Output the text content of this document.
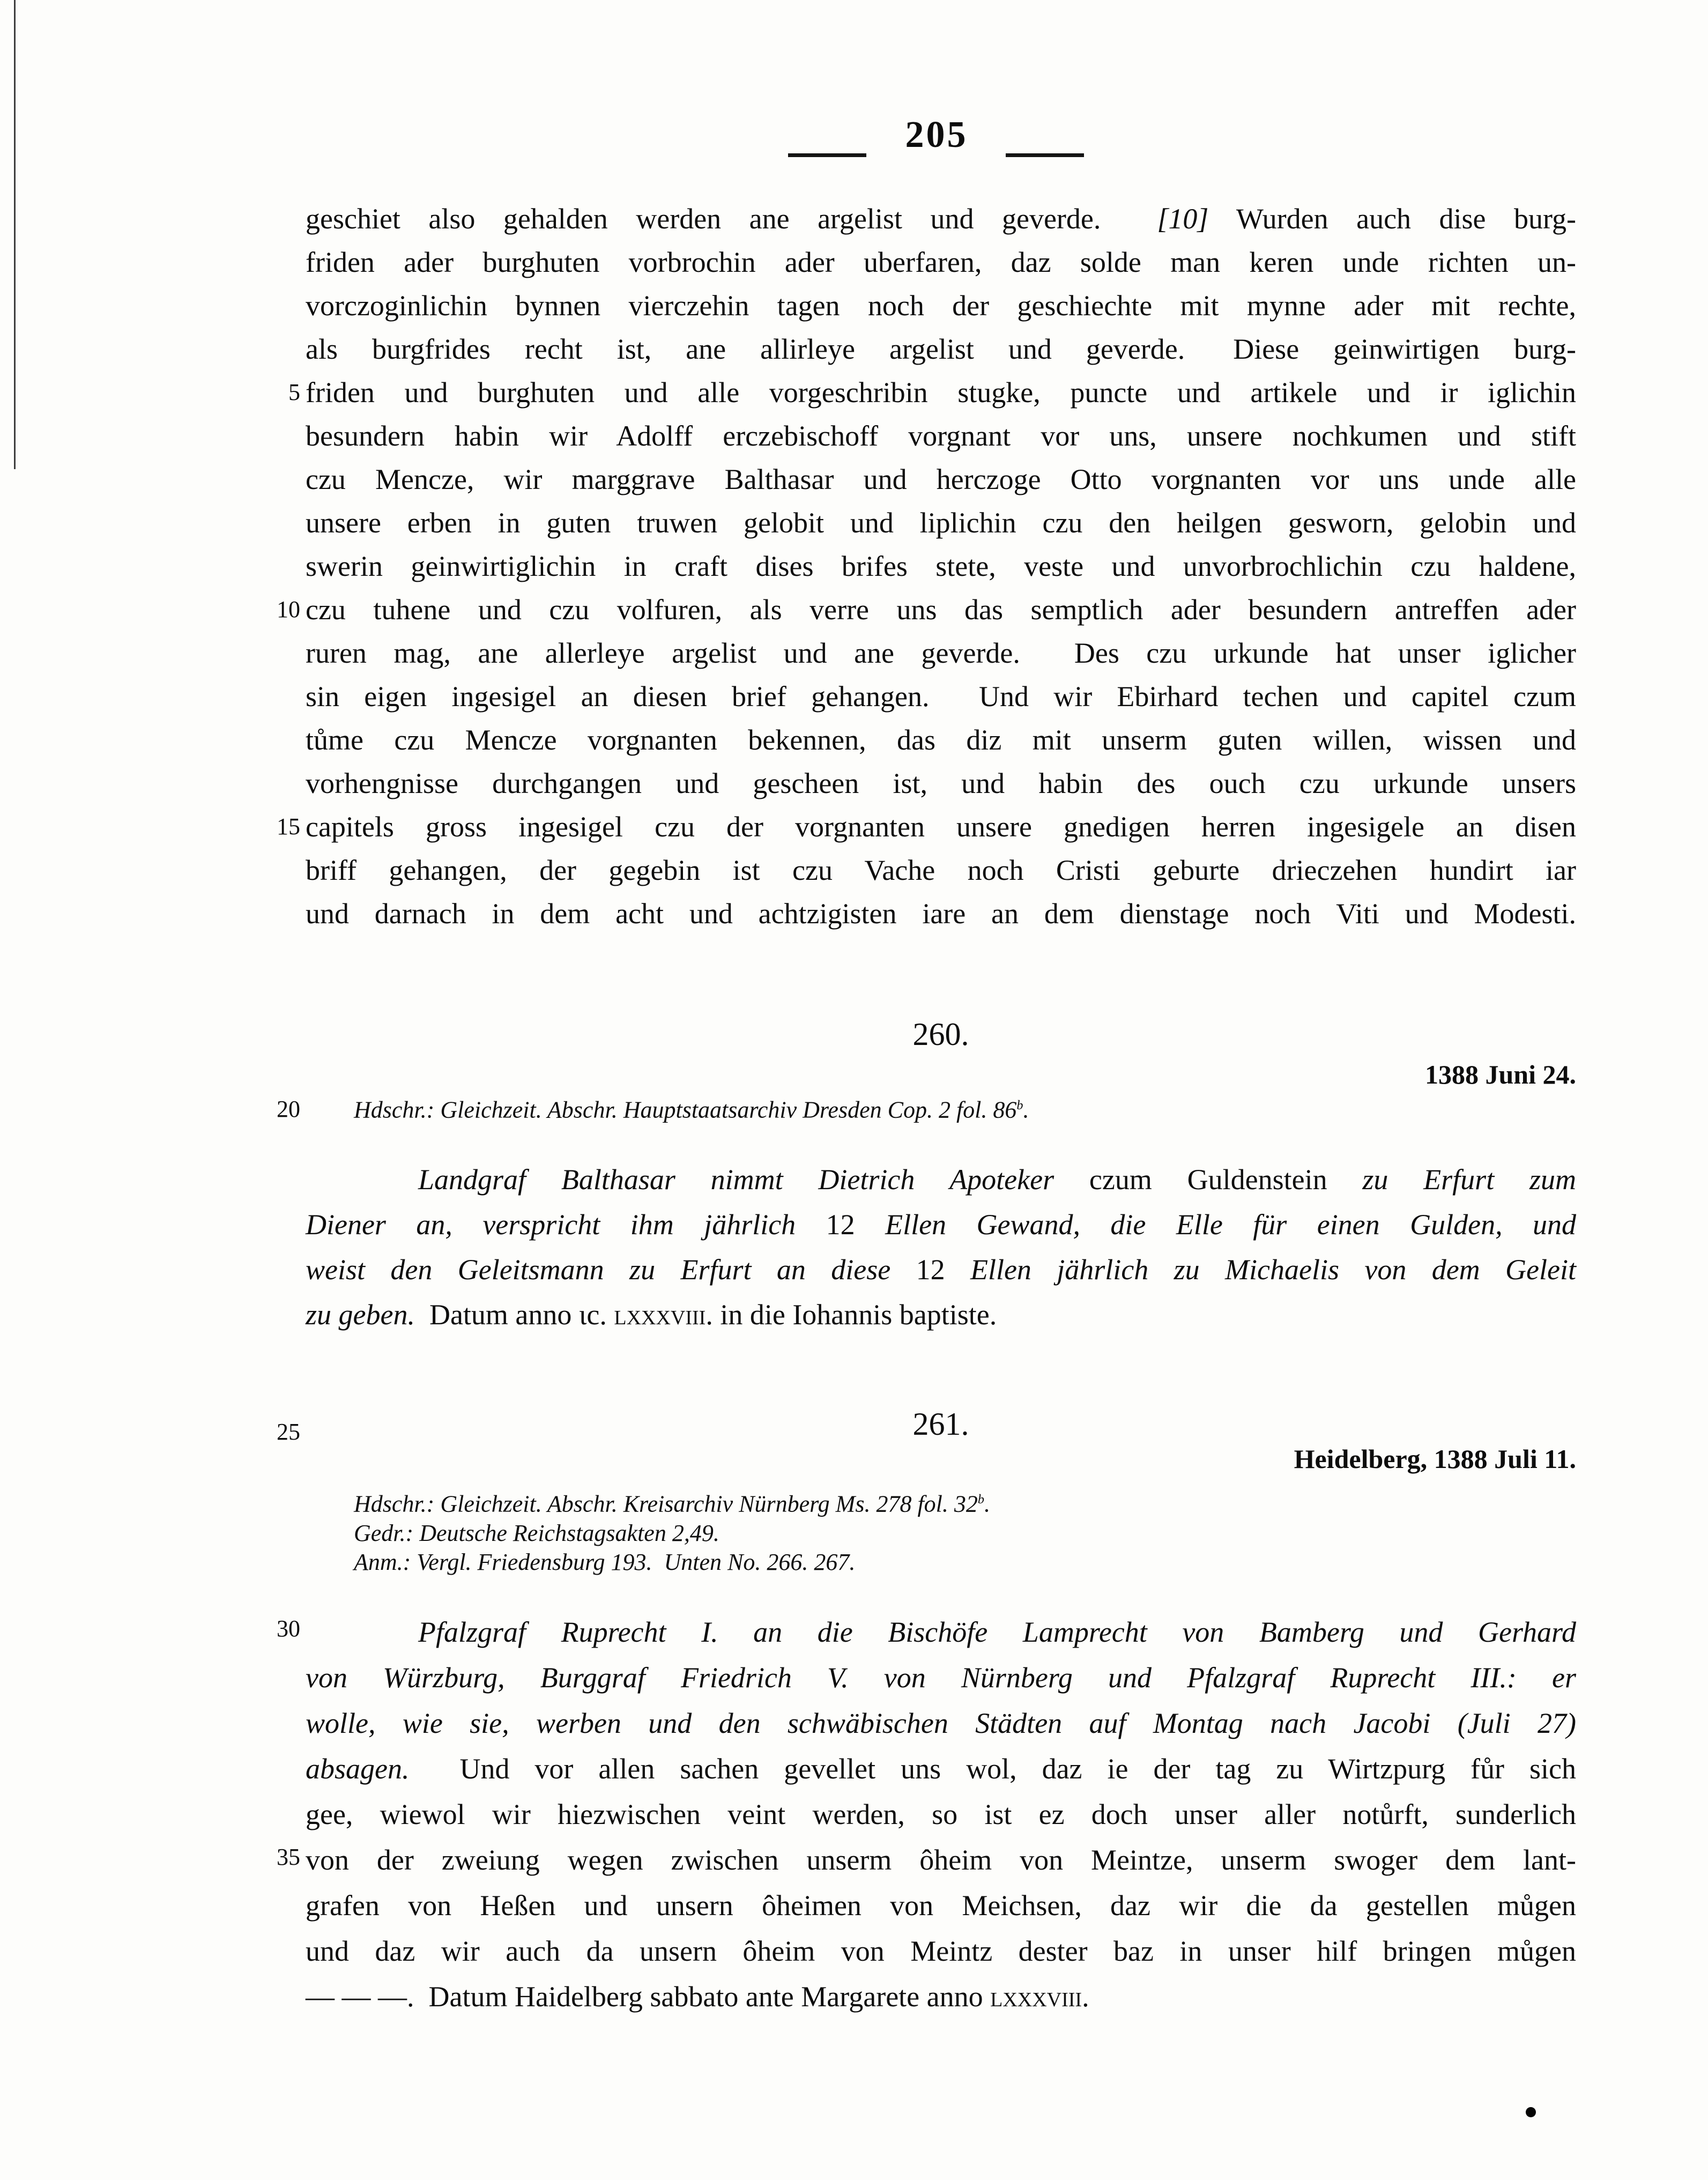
205
5
10
15
20
25
30
35
geschiet also gehalden werden ane argelist und geverde.  [10] Wurden auch dise burg-
friden ader burghuten vorbrochin ader uberfaren, daz solde man keren unde richten un-
vorczoginlichin bynnen vierczehin tagen noch der geschiechte mit mynne ader mit rechte,
als burgfrides recht ist, ane allirleye argelist und geverde. Diese geinwirtigen burg-
friden und burghuten und alle vorgeschribin stugke, puncte und artikele und ir iglichin
besundern habin wir Adolff erczebischoff vorgnant vor uns, unsere nochkumen und stift
czu Mencze, wir marggrave Balthasar und herczoge Otto vorgnanten vor uns unde alle
unsere erben in guten truwen gelobit und liplichin czu den heilgen gesworn, gelobin und
swerin geinwirtiglichin in craft dises brifes stete, veste und unvorbrochlichin czu haldene,
czu tuhene und czu volfuren, als verre uns das semptlich ader besundern antreffen ader
ruren mag, ane allerleye argelist und ane geverde.  Des czu urkunde hat unser iglicher
sin eigen ingesigel an diesen brief gehangen.  Und wir Ebirhard techen und capitel czum
tůme czu Mencze vorgnanten bekennen, das diz mit unserm guten willen, wissen und
vorhengnisse durchgangen und gescheen ist, und habin des ouch czu urkunde unsers
capitels gross ingesigel czu der vorgnanten unsere gnedigen herren ingesigele an disen
briff gehangen, der gegebin ist czu Vache noch Cristi geburte drieczehen hundirt iar
und darnach in dem acht und achtzigisten iare an dem dienstage noch Viti und Modesti.
260.
1388 Juni 24.
Hdschr.: Gleichzeit. Abschr. Hauptstaatsarchiv Dresden Cop. 2 fol. 86$^b$.
Landgraf Balthasar nimmt Dietrich Apoteker czum Guldenstein zu Erfurt zum
Diener an, verspricht ihm jährlich 12 Ellen Gewand, die Elle für einen Gulden, und
weist den Geleitsmann zu Erfurt an diese 12 Ellen jährlich zu Michaelis von dem Geleit
zu geben.  Datum anno ɩc. lxxxviii. in die Iohannis baptiste.
261.
Heidelberg, 1388 Juli 11.
Hdschr.: Gleichzeit. Abschr. Kreisarchiv Nürnberg Ms. 278 fol. 32$^b$.
Gedr.: Deutsche Reichstagsakten 2,49.
Anm.: Vergl. Friedensburg 193.  Unten No. 266. 267.
Pfalzgraf Ruprecht I. an die Bischöfe Lamprecht von Bamberg und Gerhard
von Würzburg, Burggraf Friedrich V. von Nürnberg und Pfalzgraf Ruprecht III.: er
wolle, wie sie, werben und den schwäbischen Städten auf Montag nach Jacobi (Juli 27)
absagen.  Und vor allen sachen gevellet uns wol, daz ie der tag zu Wirtzpurg fůr sich
gee, wiewol wir hiezwischen veint werden, so ist ez doch unser aller notůrft, sunderlich
von der zweiung wegen zwischen unserm ôheim von Meintze, unserm swoger dem lant-
grafen von Heßen und unsern ôheimen von Meichsen, daz wir die da gestellen můgen
und daz wir auch da unsern ôheim von Meintz dester baz in unser hilf bringen můgen
— — —.  Datum Haidelberg sabbato ante Margarete anno lxxxviii.
